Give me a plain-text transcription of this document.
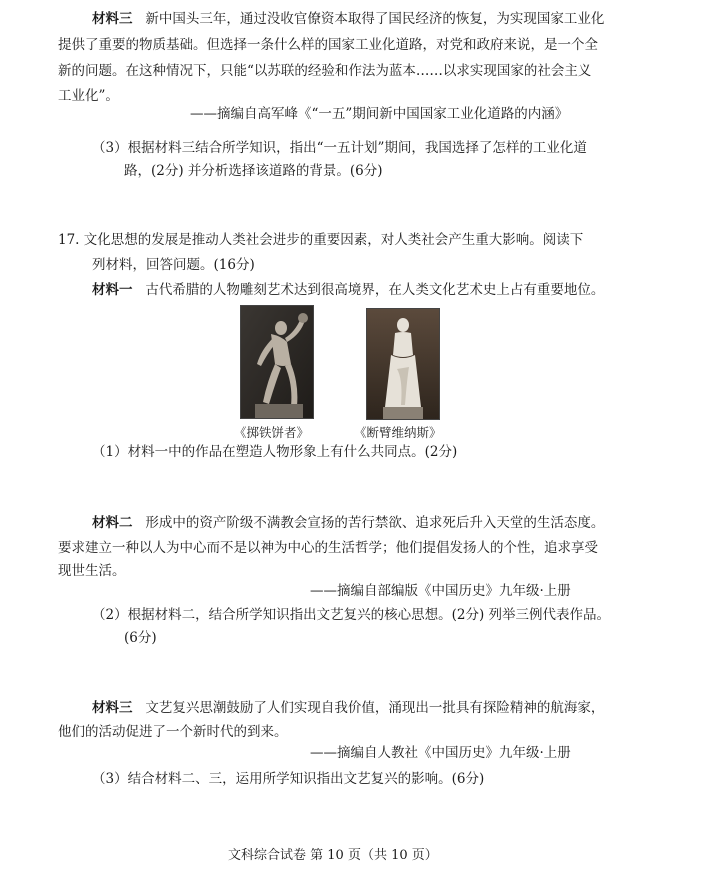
材料三 新中国头三年，通过没收官僚资本取得了国民经济的恢复，为实现国家工业化
提供了重要的物质基础。但选择一条什么样的国家工业化道路，对党和政府来说，是一个全
新的问题。在这种情况下，只能“以苏联的经验和作法为蓝本……以求实现国家的社会主义
工业化”。
——摘编自高军峰《“一五”期间新中国国家工业化道路的内涵》
（3）根据材料三结合所学知识，指出“一五计划”期间，我国选择了怎样的工业化道
路，(2分) 并分析选择该道路的背景。(6分)
17. 文化思想的发展是推动人类社会进步的重要因素，对人类社会产生重大影响。阅读下
列材料，回答问题。(16分)
材料一 古代希腊的人物雕刻艺术达到很高境界，在人类文化艺术史上占有重要地位。
《掷铁饼者》	《断臂维纳斯》
（1）材料一中的作品在塑造人物形象上有什么共同点。(2分)
材料二 形成中的资产阶级不满教会宣扬的苦行禁欲、追求死后升入天堂的生活态度。
要求建立一种以人为中心而不是以神为中心的生活哲学；他们提倡发扬人的个性，追求享受
现世生活。
——摘编自部编版《中国历史》九年级·上册
（2）根据材料二，结合所学知识指出文艺复兴的核心思想。(2分) 列举三例代表作品。
(6分)
材料三 文艺复兴思潮鼓励了人们实现自我价值，涌现出一批具有探险精神的航海家，
他们的活动促进了一个新时代的到来。
——摘编自人教社《中国历史》九年级·上册
（3）结合材料二、三，运用所学知识指出文艺复兴的影响。(6分)
文科综合试卷 第 10 页（共 10 页）
